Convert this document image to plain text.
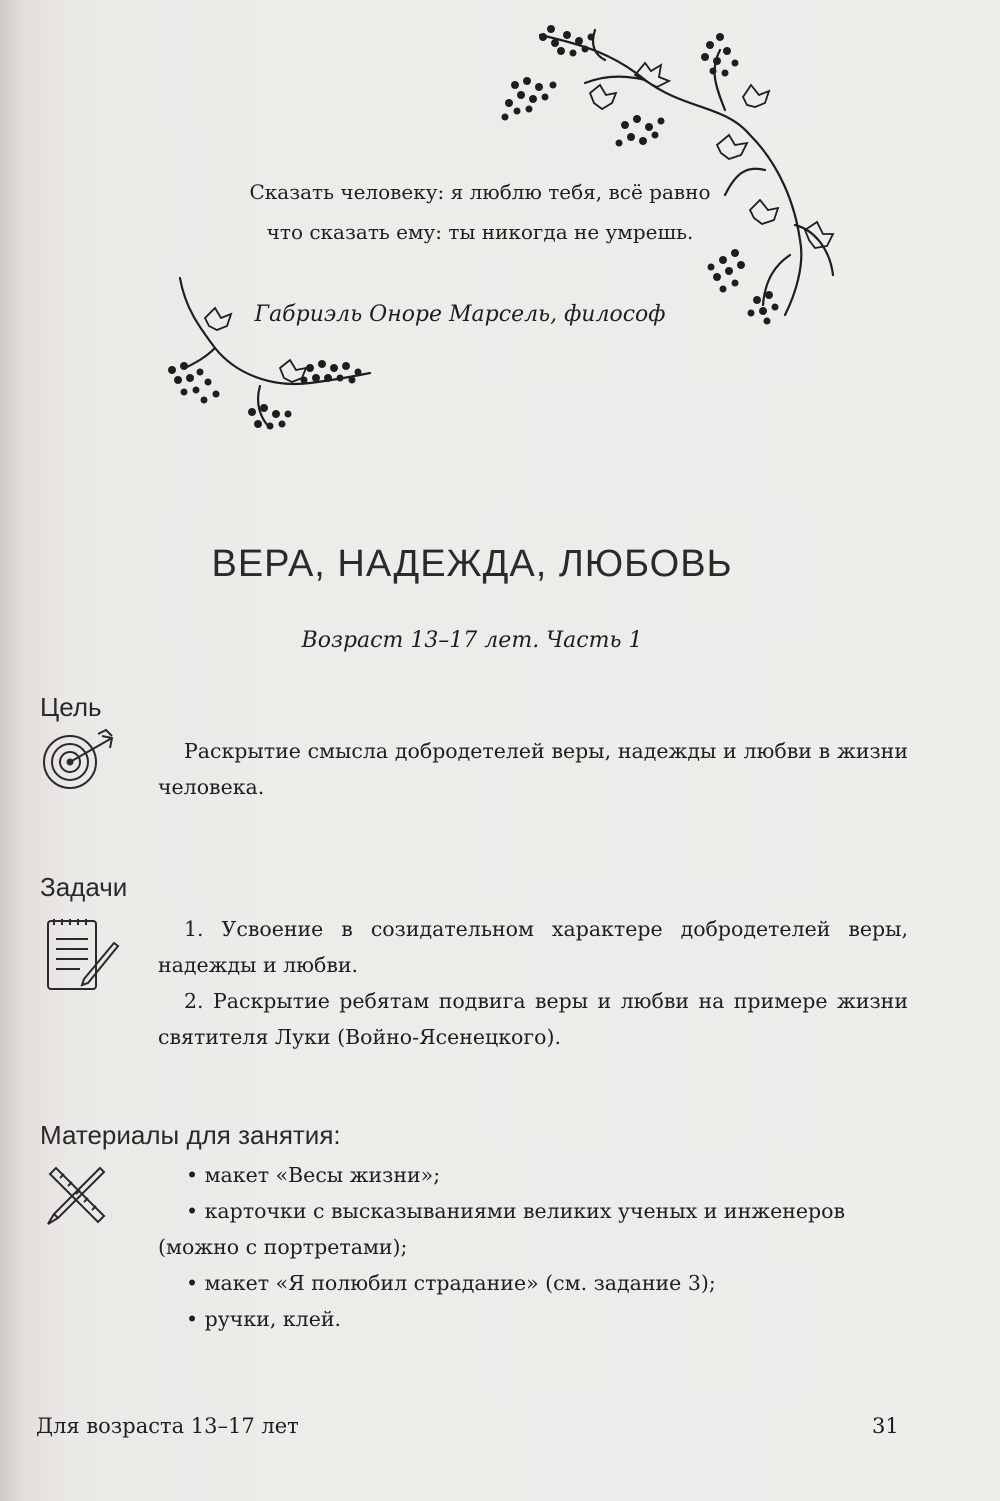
Сказать человеку: я люблю тебя, всё равно
что сказать ему: ты никогда не умрешь.
Габриэль Оноре Марсель, философ
ВЕРА, НАДЕЖДА, ЛЮБОВЬ
Возраст 13–17 лет. Часть 1
Цель
Раскрытие смысла добродетелей веры, надежды и любви в жизни человека.
Задачи
1. Усвоение в созидательном характере добродетелей веры, надежды и любви.
2. Раскрытие ребятам подвига веры и любви на примере жизни святителя Луки (Войно-Ясенецкого).
Материалы для занятия:
• макет «Весы жизни»;
• карточки с высказываниями великих ученых и инженеров (можно с портретами);
• макет «Я полюбил страдание» (см. задание 3);
• ручки, клей.
Для возраста 13–17 лет	31
